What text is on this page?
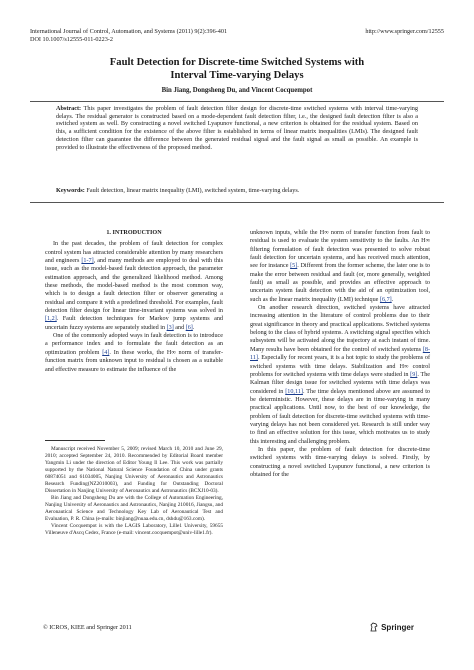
International Journal of Control, Automation, and Systems (2011) 9(2):396-401	http://www.springer.com/12555
DOI 10.1007/s12555-011-0223-2
Fault Detection for Discrete-time Switched Systems with
Interval Time-varying Delays
Bin Jiang, Dongsheng Du, and Vincent Cocquempot
Abstract: This paper investigates the problem of fault detection filter design for discrete-time switched systems with interval time-varying delays. The residual generator is constructed based on a mode-dependent fault detection filter, i.e., the designed fault detection filter is also a switched system as well. By constructing a novel switched Lyapunov functional, a new criterion is obtained for the residual system. Based on this, a sufficient condition for the existence of the above filter is established in terms of linear matrix inequalities (LMIs). The designed fault detection filter can guarantee the difference between the generated residual signal and the fault signal as small as possible. An example is provided to illustrate the effectiveness of the proposed method.
Keywords: Fault detection, linear matrix inequality (LMI), switched system, time-varying delays.

1. INTRODUCTION

In the past decades, the problem of fault detection for complex control system has attracted considerable attention by many researchers and engineers [1-7], and many methods are employed to deal with this issue, such as the model-based fault detection approach, the parameter estimation approach, and the generalized likelihood method. Among these methods, the model-based method is the most common way, which is to design a fault detection filter or observer generating a residual and compare it with a predefined threshold. For examples, fault detection filter design for linear time-invariant systems was solved in [1,2]. Fault detection techniques for Markov jump systems and uncertain fuzzy systems are separately studied in [3] and [6].

One of the commonly adopted ways in fault detection is to introduce a performance index and to formulate the fault detection as an optimization problem [4]. In these works, the H∞ norm of transfer-function matrix from unknown input to residual is chosen as a suitable and effective measure to estimate the influence of the

Manuscript received November 5, 2009; revised March 10, 2010 and June 29, 2010; accepted September 24, 2010. Recommended by Editorial Board member Yangmin Li under the direction of Editor Young Il Lee. This work was partially supported by the National Natural Science Foundation of China under grants 60874051 and 61034005, Nanjing University of Aeronautics and Astronautics Research Funding(NZ2010003), and Funding for Outstanding Doctoral Dissertation in Nanjing University of Aeronautics and Astronautics (BCXJ10-03).

Bin Jiang and Dongsheng Du are with the College of Automation Engineering, Nanjing University of Aeronautics and Astronautics, Nanjing 210016, Jiangsu, and Aeronautical Science and Technology Key Lab of Aeronautical Test and Evaluation, P. R. China (e-mails: binjiang@nuaa.edu.cn, dshdu@163.com).

Vincent Cocquempot is with the LAGIS Laboratory, Lille1 University, 59655 Villeneuve d'Ascq Cedex, France (e-mail: vincent.cocquempot@univ-lille1.fr).

unknown inputs, while the H∞ norm of transfer function from fault to residual is used to evaluate the system sensitivity to the faults. An H∞ filtering formulation of fault detection was presented to solve robust fault detection for uncertain systems, and has received much attention, see for instance [5]. Different from the former scheme, the later one is to make the error between residual and fault (or, more generally, weighted fault) as small as possible, and provides an effective approach to uncertain system fault detection with the aid of an optimization tool, such as the linear matrix inequality (LMI) technique [6,7].

On another research direction, switched systems have attracted increasing attention in the literature of control problems due to their great significance in theory and practical applications. Switched systems belong to the class of hybrid systems. A switching signal specifies which subsystem will be activated along the trajectory at each instant of time. Many results have been obtained for the control of switched systems [8-11]. Especially for recent years, it is a hot topic to study the problems of switched systems with time delays. Stabilization and H∞ control problems for switched systems with time delays were studied in [9]. The Kalman filter design issue for switched systems with time delays was considered in [10,11]. The time delays mentioned above are assumed to be deterministic. However, these delays are in time-varying in many practical applications. Until now, to the best of our knowledge, the problem of fault detection for discrete-time switched systems with time-varying delays has not been considered yet. Research is still under way to find an effective solution for this issue, which motivates us to study this interesting and challenging problem.

In this paper, the problem of fault detection for discrete-time switched systems with time-varying delays is solved. Firstly, by constructing a novel switched Lyapunov functional, a new criterion is obtained for the

© ICROS, KIEE and Springer 2011	Springer
